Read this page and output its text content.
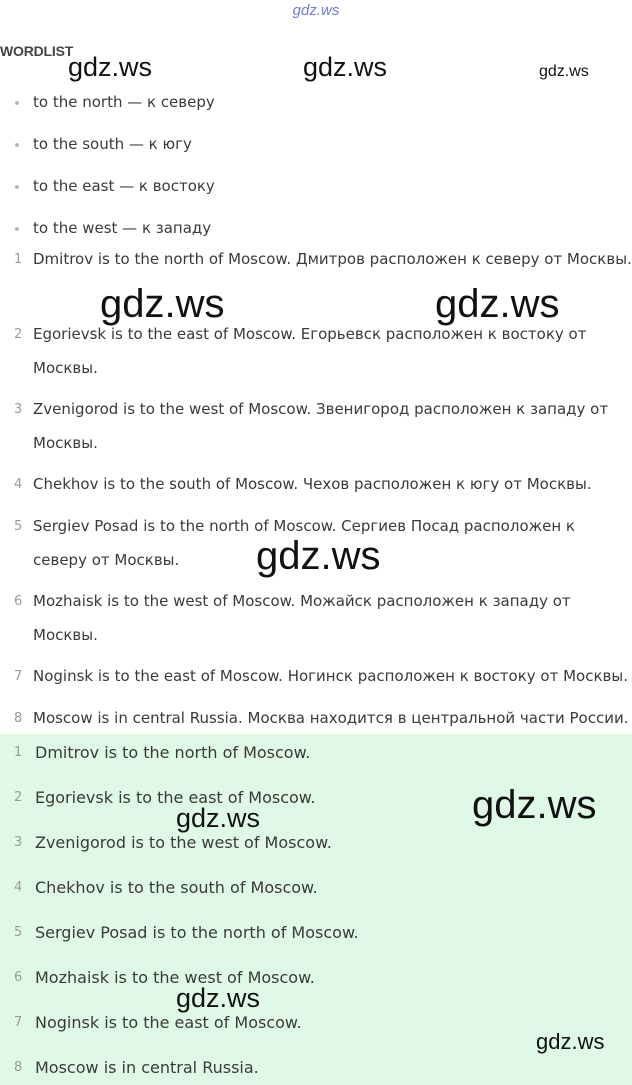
gdz.ws
WORDLIST
to the north — к северу
to the south — к югу
to the east — к востоку
to the west — к западу
1 Dmitrov is to the north of Moscow. Дмитров расположен к северу от Москвы.
2 Egorievsk is to the east of Moscow. Егорьевск расположен к востоку от Москвы.
3 Zvenigorod is to the west of Moscow. Звенигород расположен к западу от Москвы.
4 Chekhov is to the south of Moscow. Чехов расположен к югу от Москвы.
5 Sergiev Posad is to the north of Moscow. Сергиев Посад расположен к северу от Москвы.
6 Mozhaisk is to the west of Moscow. Можайск расположен к западу от Москвы.
7 Noginsk is to the east of Moscow. Ногинск расположен к востоку от Москвы.
8 Moscow is in central Russia. Москва находится в центральной части России.
1 Dmitrov is to the north of Moscow.
2 Egorievsk is to the east of Moscow.
3 Zvenigorod is to the west of Moscow.
4 Chekhov is to the south of Moscow.
5 Sergiev Posad is to the north of Moscow.
6 Mozhaisk is to the west of Moscow.
7 Noginsk is to the east of Moscow.
8 Moscow is in central Russia.
gdz.ws	gdz.ws	gdz.ws
gdz.ws	gdz.ws
gdz.ws
gdz.ws
gdz.ws
gdz.ws
gdz.ws
